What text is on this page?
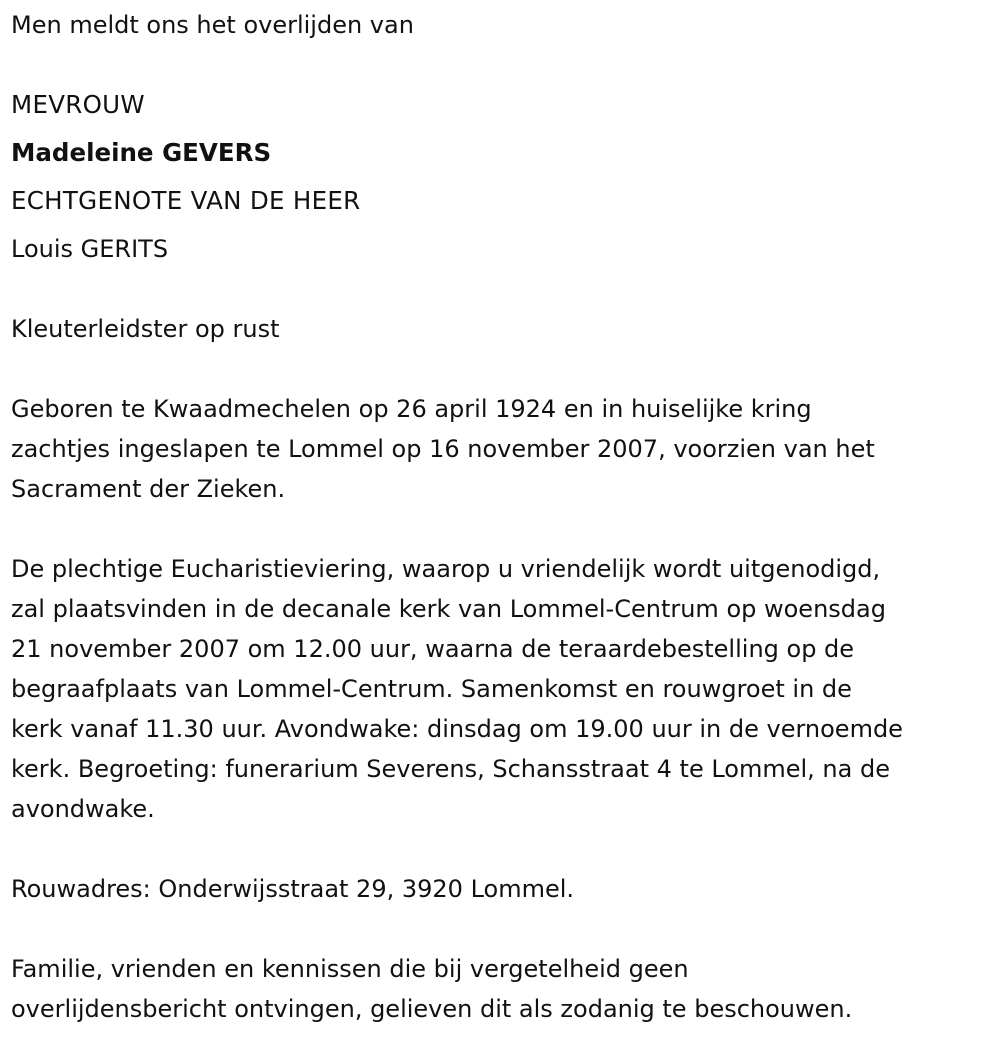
Men meldt ons het overlijden van

MEVROUW

Madeleine GEVERS

ECHTGENOTE VAN DE HEER

Louis GERITS

Kleuterleidster op rust

Geboren te Kwaadmechelen op 26 april 1924 en in huiselijke kring
zachtjes ingeslapen te Lommel op 16 november 2007, voorzien van het
Sacrament der Zieken.

De plechtige Eucharistieviering, waarop u vriendelijk wordt uitgenodigd,
zal plaatsvinden in de decanale kerk van Lommel-Centrum op woensdag
21 november 2007 om 12.00 uur, waarna de teraardebestelling op de
begraafplaats van Lommel-Centrum. Samenkomst en rouwgroet in de
kerk vanaf 11.30 uur. Avondwake: dinsdag om 19.00 uur in de vernoemde
kerk. Begroeting: funerarium Severens, Schansstraat 4 te Lommel, na de
avondwake.

Rouwadres: Onderwijsstraat 29, 3920 Lommel.

Familie, vrienden en kennissen die bij vergetelheid geen
overlijdensbericht ontvingen, gelieven dit als zodanig te beschouwen.
